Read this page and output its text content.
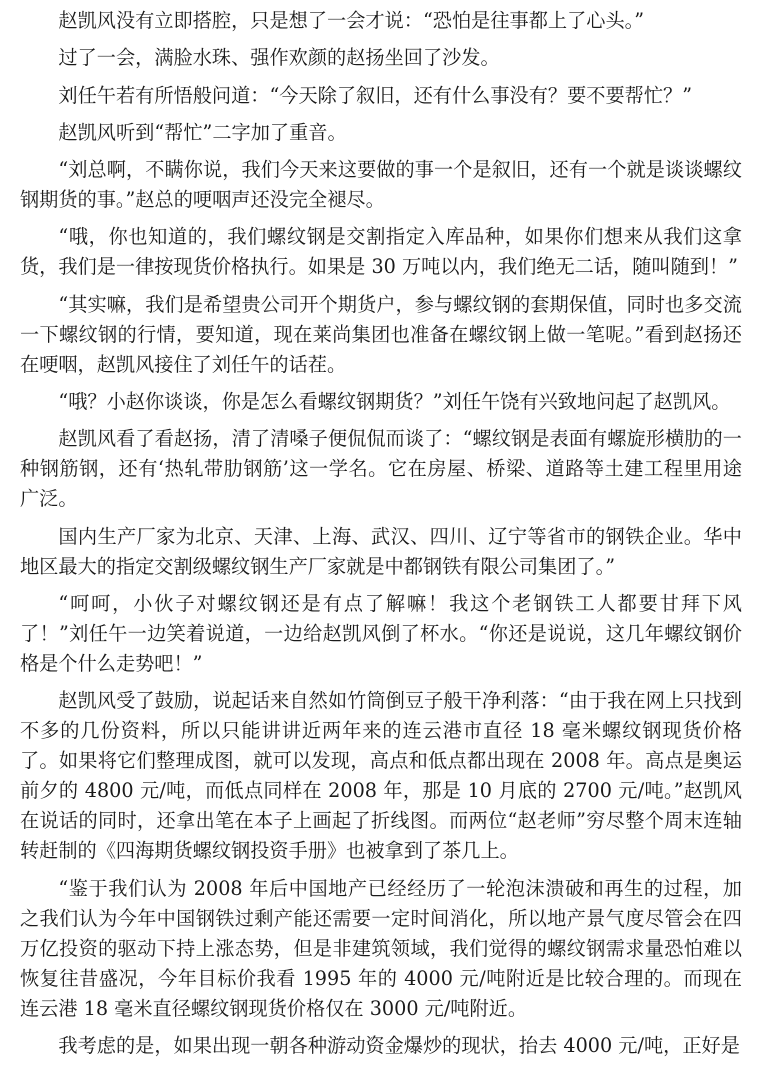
赵凯风没有立即搭腔，只是想了一会才说：“恐怕是往事都上了心头。”

过了一会，满脸水珠、强作欢颜的赵扬坐回了沙发。

刘任午若有所悟般问道：“今天除了叙旧，还有什么事没有？要不要帮忙？”

赵凯风听到“帮忙”二字加了重音。

“刘总啊，不瞒你说，我们今天来这要做的事一个是叙旧，还有一个就是谈谈螺纹钢期货的事。”赵总的哽咽声还没完全褪尽。

“哦，你也知道的，我们螺纹钢是交割指定入库品种，如果你们想来从我们这拿货，我们是一律按现货价格执行。如果是 30 万吨以内，我们绝无二话，随叫随到！”

“其实嘛，我们是希望贵公司开个期货户，参与螺纹钢的套期保值，同时也多交流一下螺纹钢的行情，要知道，现在莱尚集团也准备在螺纹钢上做一笔呢。”看到赵扬还在哽咽，赵凯风接住了刘任午的话茬。

“哦？小赵你谈谈，你是怎么看螺纹钢期货？”刘任午饶有兴致地问起了赵凯风。

赵凯风看了看赵扬，清了清嗓子便侃侃而谈了：“螺纹钢是表面有螺旋形横肋的一种钢筋钢，还有‘热轧带肋钢筋’这一学名。它在房屋、桥梁、道路等土建工程里用途广泛。

国内生产厂家为北京、天津、上海、武汉、四川、辽宁等省市的钢铁企业。华中地区最大的指定交割级螺纹钢生产厂家就是中都钢铁有限公司集团了。”

“呵呵，小伙子对螺纹钢还是有点了解嘛！我这个老钢铁工人都要甘拜下风了！”刘任午一边笑着说道，一边给赵凯风倒了杯水。“你还是说说，这几年螺纹钢价格是个什么走势吧！”

赵凯风受了鼓励，说起话来自然如竹筒倒豆子般干净利落：“由于我在网上只找到不多的几份资料，所以只能讲讲近两年来的连云港市直径 18 毫米螺纹钢现货价格了。如果将它们整理成图，就可以发现，高点和低点都出现在 2008 年。高点是奥运前夕的 4800 元/吨，而低点同样在 2008 年，那是 10 月底的 2700 元/吨。”赵凯风在说话的同时，还拿出笔在本子上画起了折线图。而两位“赵老师”穷尽整个周末连轴转赶制的《四海期货螺纹钢投资手册》也被拿到了茶几上。

“鉴于我们认为 2008 年后中国地产已经经历了一轮泡沫溃破和再生的过程，加之我们认为今年中国钢铁过剩产能还需要一定时间消化，所以地产景气度尽管会在四万亿投资的驱动下持上涨态势，但是非建筑领域，我们觉得的螺纹钢需求量恐怕难以恢复往昔盛况，今年目标价我看 1995 年的 4000 元/吨附近是比较合理的。而现在连云港 18 毫米直径螺纹钢现货价格仅在 3000 元/吨附近。

我考虑的是，如果出现一朝各种游动资金爆炒的现状，抬去 4000 元/吨，正好是
